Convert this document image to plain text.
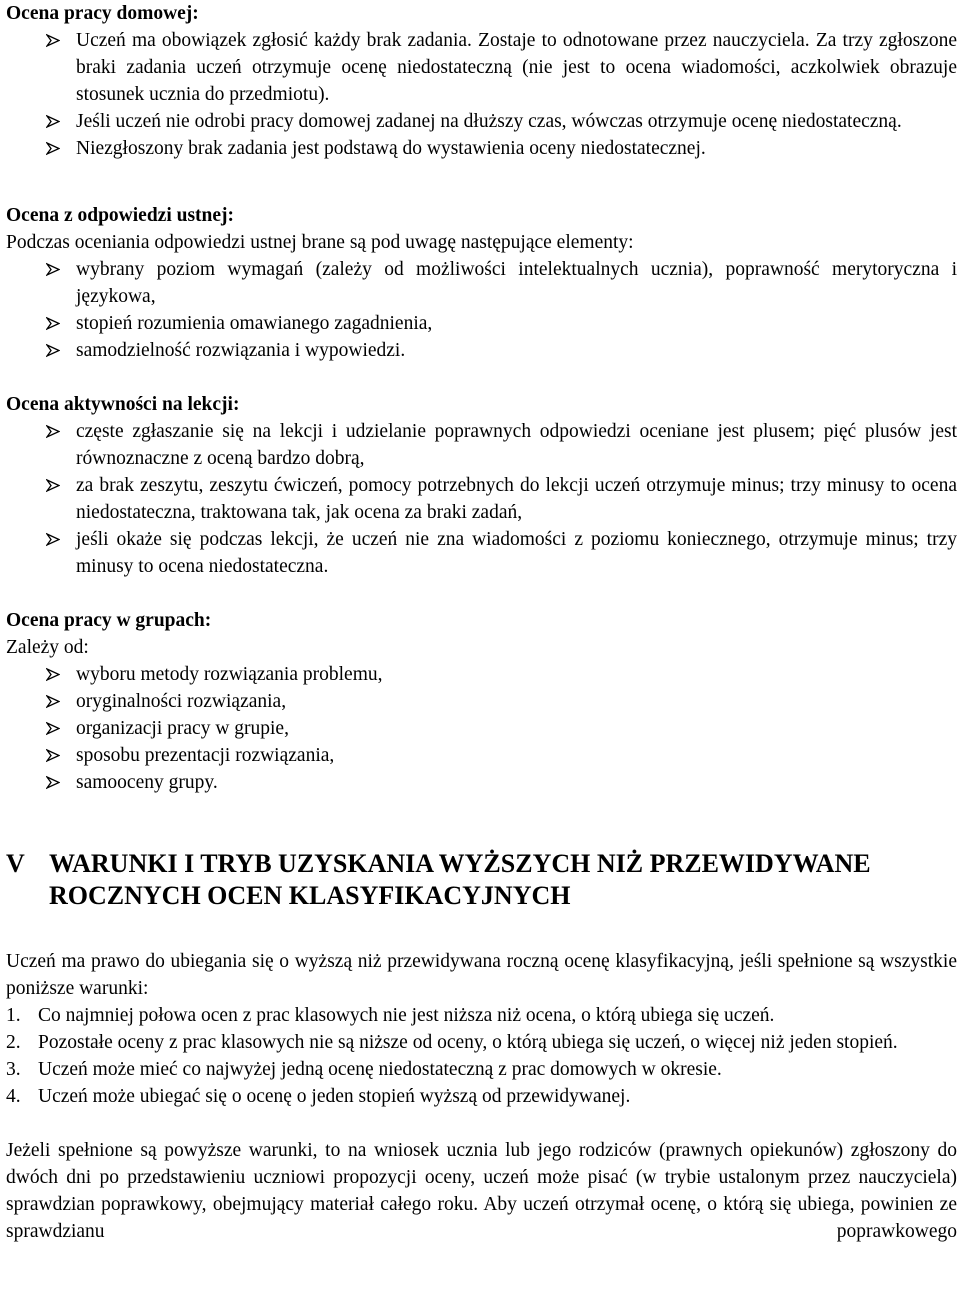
Ocena pracy domowej:
Uczeń ma obowiązek zgłosić każdy brak zadania. Zostaje to odnotowane przez nauczyciela. Za trzy zgłoszone braki zadania uczeń otrzymuje ocenę niedostateczną (nie jest to ocena wiadomości, aczkolwiek obrazuje stosunek ucznia do przedmiotu).
Jeśli uczeń nie odrobi pracy domowej zadanej na dłuższy czas, wówczas otrzymuje ocenę niedostateczną.
Niezgłoszony brak zadania jest podstawą do wystawienia oceny niedostatecznej.
Ocena z odpowiedzi ustnej:

Podczas oceniania odpowiedzi ustnej brane są pod uwagę następujące elementy:

wybrany poziom wymagań (zależy od możliwości intelektualnych ucznia), poprawność merytoryczna i językowa,
stopień rozumienia omawianego zagadnienia,
samodzielność rozwiązania i wypowiedzi.
Ocena aktywności na lekcji:
częste zgłaszanie się na lekcji i udzielanie poprawnych odpowiedzi oceniane jest plusem; pięć plusów jest równoznaczne z oceną bardzo dobrą,
za brak zeszytu, zeszytu ćwiczeń, pomocy potrzebnych do lekcji uczeń otrzymuje minus; trzy minusy to ocena niedostateczna, traktowana tak, jak ocena za braki zadań,
jeśli okaże się podczas lekcji, że uczeń nie zna wiadomości z poziomu koniecznego, otrzymuje minus; trzy minusy to ocena niedostateczna.
Ocena pracy w grupach:

Zależy od:

wyboru metody rozwiązania problemu,
oryginalności rozwiązania,
organizacji pracy w grupie,
sposobu prezentacji rozwiązania,
samooceny grupy.
V WARUNKI I TRYB UZYSKANIA WYŻSZYCH NIŻ PRZEWIDYWANE ROCZNYCH OCEN KLASYFIKACYJNYCH

Uczeń ma prawo do ubiegania się o wyższą niż przewidywana roczną ocenę klasyfikacyjną, jeśli spełnione są wszystkie poniższe warunki:

1. Co najmniej połowa ocen z prac klasowych nie jest niższa niż ocena, o którą ubiega się uczeń.
2. Pozostałe oceny z prac klasowych nie są niższe od oceny, o którą ubiega się uczeń, o więcej niż jeden stopień.
3. Uczeń może mieć co najwyżej jedną ocenę niedostateczną z prac domowych w okresie.
4. Uczeń może ubiegać się o ocenę o jeden stopień wyższą od przewidywanej.

Jeżeli spełnione są powyższe warunki, to na wniosek ucznia lub jego rodziców (prawnych opiekunów) zgłoszony do dwóch dni po przedstawieniu uczniowi propozycji oceny, uczeń może pisać (w trybie ustalonym przez nauczyciela) sprawdzian poprawkowy, obejmujący materiał całego roku. Aby uczeń otrzymał ocenę, o którą się ubiega, powinien ze sprawdzianu poprawkowego
